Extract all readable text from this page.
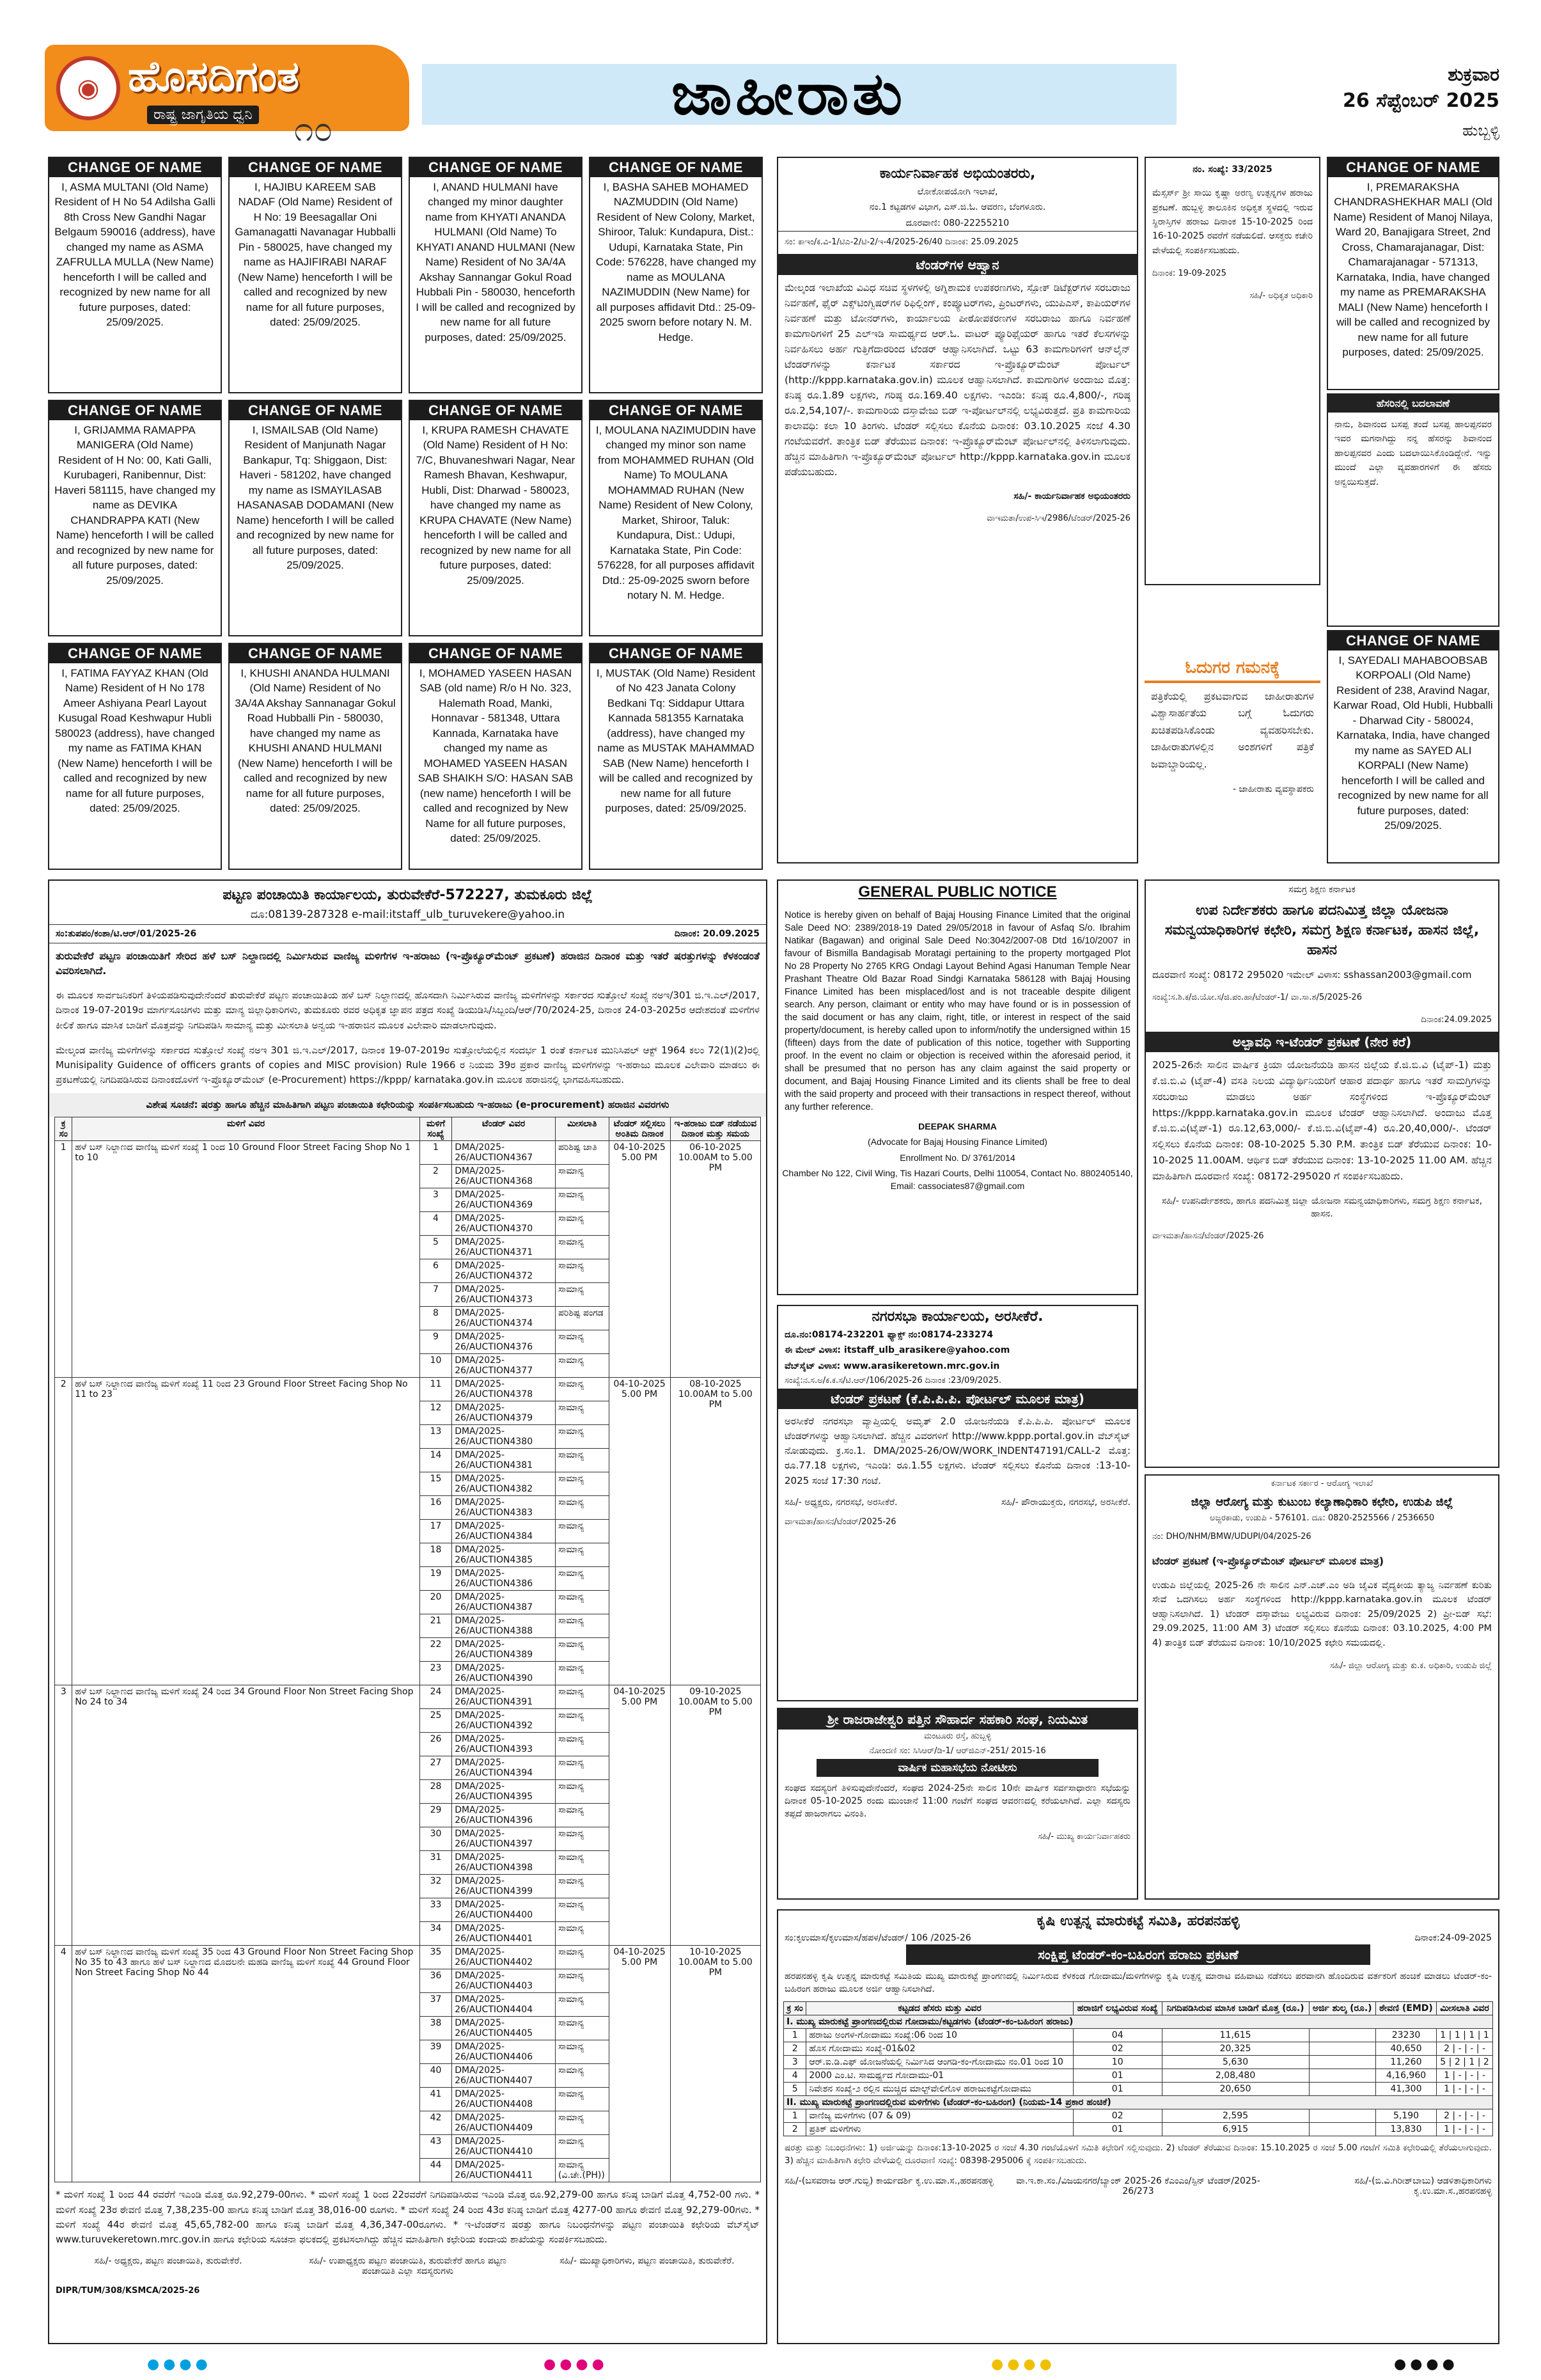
◉ ಹೊಸದಿಗಂತ
ರಾಷ್ಟ್ರ ಜಾಗೃತಿಯ ಧ್ವನಿ ೧೦
ಜಾಹೀರಾತು	ಶುಕ್ರವಾರ
26 ಸೆಪ್ಟೆಂಬರ್ 2025
ಹುಬ್ಬಳ್ಳಿ
CHANGE OF NAME
I, ASMA MULTANI (Old Name) Resident of H No 54 Adilsha Galli 8th Cross New Gandhi Nagar Belgaum 590016 (address), have changed my name as ASMA ZAFRULLA MULLA (New Name) henceforth I will be called and recognized by new name for all future purposes, dated: 25/09/2025.
CHANGE OF NAME
I, HAJIBU KAREEM SAB NADAF (Old Name) Resident of H No: 19 Beesagallar Oni Gamanagatti Navanagar Hubballi Pin - 580025, have changed my name as HAJIFIRABI NARAF (New Name) henceforth I will be called and recognized by new name for all future purposes, dated: 25/09/2025.
CHANGE OF NAME
I, ANAND HULMANI have changed my minor daughter name from KHYATI ANANDA HULMANI (Old Name) To KHYATI ANAND HULMANI (New Name) Resident of No 3A/4A Akshay Sannangar Gokul Road Hubbali Pin - 580030, henceforth I will be called and recognized by new name for all future purposes, dated: 25/09/2025.
CHANGE OF NAME
I, BASHA SAHEB MOHAMED NAZMUDDIN (Old Name) Resident of New Colony, Market, Shiroor, Taluk: Kundapura, Dist.: Udupi, Karnataka State, Pin Code: 576228, have changed my name as MOULANA NAZIMUDDIN (New Name) for all purposes affidavit Dtd.: 25-09-2025 sworn before notary N. M. Hedge.
CHANGE OF NAME
I, GRIJAMMA RAMAPPA MANIGERA (Old Name) Resident of H No: 00, Kati Galli, Kurubageri, Ranibennur, Dist: Haveri 581115, have changed my name as DEVIKA CHANDRAPPA KATI (New Name) henceforth I will be called and recognized by new name for all future purposes, dated: 25/09/2025.
CHANGE OF NAME
I, ISMAILSAB (Old Name) Resident of Manjunath Nagar Bankapur, Tq: Shiggaon, Dist: Haveri - 581202, have changed my name as ISMAYILASAB HASANASAB DODAMANI (New Name) henceforth I will be called and recognized by new name for all future purposes, dated: 25/09/2025.
CHANGE OF NAME
I, KRUPA RAMESH CHAVATE (Old Name) Resident of H No: 7/C, Bhuvaneshwari Nagar, Near Ramesh Bhavan, Keshwapur, Hubli, Dist: Dharwad - 580023, have changed my name as KRUPA CHAVATE (New Name) henceforth I will be called and recognized by new name for all future purposes, dated: 25/09/2025.
CHANGE OF NAME
I, MOULANA NAZIMUDDIN have changed my minor son name from MOHAMMED RUHAN (Old Name) To MOULANA MOHAMMAD RUHAN (New Name) Resident of New Colony, Market, Shiroor, Taluk: Kundapura, Dist.: Udupi, Karnataka State, Pin Code: 576228, for all purposes affidavit Dtd.: 25-09-2025 sworn before notary N. M. Hedge.
CHANGE OF NAME
I, FATIMA FAYYAZ KHAN (Old Name) Resident of H No 178 Ameer Ashiyana Pearl Layout Kusugal Road Keshwapur Hubli 580023 (address), have changed my name as FATIMA KHAN (New Name) henceforth I will be called and recognized by new name for all future purposes, dated: 25/09/2025.
CHANGE OF NAME
I, KHUSHI ANANDA HULMANI (Old Name) Resident of No 3A/4A Akshay Sannanagar Gokul Road Hubballi Pin - 580030, have changed my name as KHUSHI ANAND HULMANI (New Name) henceforth I will be called and recognized by new name for all future purposes, dated: 25/09/2025.
CHANGE OF NAME
I, MOHAMED YASEEN HASAN SAB (old name) R/o H No. 323, Halemath Road, Manki, Honnavar - 581348, Uttara Kannada, Karnataka have changed my name as MOHAMED YASEEN HASAN SAB SHAIKH S/O: HASAN SAB (new name) henceforth I will be called and recognized by New Name for all future purposes, dated: 25/09/2025.
CHANGE OF NAME
I, MUSTAK (Old Name) Resident of No 423 Janata Colony Bedkani Tq: Siddapur Uttara Kannada 581355 Karnataka (address), have changed my name as MUSTAK MAHAMMAD SAB (New Name) henceforth I will be called and recognized by new name for all future purposes, dated: 25/09/2025.
ಕಾರ್ಯನಿರ್ವಾಹಕ ಅಭಿಯಂತರರು,
ಲೋಕೋಪಯೋಗಿ ಇಲಾಖೆ,
ನಂ.1 ಕಟ್ಟಡಗಳ ವಿಭಾಗ, ಎಸ್.ಜಿ.ಓ. ಆವರಣ, ಬೆಂಗಳೂರು.
ದೂರವಾಣಿ: 080-22255210
ಸಂ: ಕಾಇಂ/ಕ.ವಿ-1/ಟಿಎ-2/ಟಿ-2/ಇ-4/2025-26/40 ದಿನಾಂಕ: 25.09.2025
ಟೆಂಡರ್‌ಗಳ ಆಹ್ವಾನ
ಮೇಲ್ಕಂಡ ಇಲಾಖೆಯ ವಿವಿಧ ಸಚಿವ ಸ್ಥಳಗಳಲ್ಲಿ ಅಗ್ನಿಶಾಮಕ ಉಪಕರಣಗಳು, ಸ್ಪೋಕ್ ಡಿಟೆಕ್ಟರ್‌ಗಳ ಸರಬರಾಜು ನಿರ್ವಹಣೆ, ಫೈರ್ ಎಕ್ಸ್‌ಟಿಂಗ್ವಿಷರ್‌ಗಳ ರಿಫಿಲ್ಲಿಂಗ್, ಕಂಪ್ಯೂಟರ್‌ಗಳು, ಪ್ರಿಂಟರ್‌ಗಳು, ಯುಪಿಎಸ್, ಕಾಪಿಯರ್‌ಗಳ ನಿರ್ವಹಣೆ ಮತ್ತು ಟೋನರ್‌ಗಳು, ಕಾರ್ಯಾಲಯ ಪೀಠೋಪಕರಣಗಳ ಸರಬರಾಜು ಹಾಗೂ ನಿರ್ವಹಣೆ ಕಾಮಗಾರಿಗಳಿಗೆ 25 ಎಲ್‌ಇಡಿ ಸಾಮರ್ಥ್ಯದ ಆರ್.ಓ. ವಾಟರ್ ಪ್ಯೂರಿಫೈಯರ್ ಹಾಗೂ ಇತರೆ ಕೆಲಸಗಳನ್ನು ನಿರ್ವಹಿಸಲು ಅರ್ಹ ಗುತ್ತಿಗೆದಾರರಿಂದ ಟೆಂಡರ್ ಆಹ್ವಾನಿಸಲಾಗಿದೆ. ಒಟ್ಟು 63 ಕಾಮಗಾರಿಗಳಿಗೆ ಆನ್‌ಲೈನ್ ಟೆಂಡರ್‌ಗಳನ್ನು ಕರ್ನಾಟಕ ಸರ್ಕಾರದ ಇ-ಪ್ರೊಕ್ಯೂರ್‌ಮೆಂಟ್ ಪೋರ್ಟಲ್ (http://kppp.karnataka.gov.in) ಮೂಲಕ ಆಹ್ವಾನಿಸಲಾಗಿದೆ. ಕಾಮಗಾರಿಗಳ ಅಂದಾಜು ಮೊತ್ತ: ಕನಿಷ್ಠ ರೂ.1.89 ಲಕ್ಷಗಳು, ಗರಿಷ್ಠ ರೂ.169.40 ಲಕ್ಷಗಳು. ಇಎಂಡಿ: ಕನಿಷ್ಠ ರೂ.4,800/-, ಗರಿಷ್ಠ ರೂ.2,54,107/-. ಕಾಮಗಾರಿಯ ದಸ್ತಾವೇಜು ಬಿಡ್ ಇ-ಪೋರ್ಟಲ್‌ನಲ್ಲಿ ಲಭ್ಯವಿರುತ್ತದೆ. ಪ್ರತಿ ಕಾಮಗಾರಿಯ ಕಾಲಾವಧಿ: ಕಲಾ 10 ತಿಂಗಳು. ಟೆಂಡರ್ ಸಲ್ಲಿಸಲು ಕೊನೆಯ ದಿನಾಂಕ: 03.10.2025 ಸಂಜೆ 4.30 ಗಂಟೆಯವರೆಗೆ. ತಾಂತ್ರಿಕ ಬಿಡ್ ತೆರೆಯುವ ದಿನಾಂಕ: ಇ-ಪ್ರೊಕ್ಯೂರ್‌ಮೆಂಟ್ ಪೋರ್ಟಲ್‌ನಲ್ಲಿ ತಿಳಿಸಲಾಗುವುದು. ಹೆಚ್ಚಿನ ಮಾಹಿತಿಗಾಗಿ ಇ-ಪ್ರೊಕ್ಯೂರ್‌ಮೆಂಟ್ ಪೋರ್ಟಲ್ http://kppp.karnataka.gov.in ಮೂಲಕ ಪಡೆಯಬಹುದು.
ಸಹಿ/- ಕಾರ್ಯನಿರ್ವಾಹಕ ಅಭಿಯಂತರರು
ವಾಇಮತಾ/ಉಪ-ಸಿಇ/2986/ಟೆಂಡರ್/2025-26
ನಂ. ಸಂಖ್ಯೆ: 33/2025
ಮೆಸ್ಸರ್ಸ್ ಶ್ರೀ ಸಾಯಿ ಕೃಷ್ಣಾ ಅರಣ್ಯ ಉತ್ಪನ್ನಗಳ ಹರಾಜು ಪ್ರಕಟಣೆ. ಹುಬ್ಬಳ್ಳಿ ತಾಲೂಕಿನ ಅಧಿಕೃತ ಸ್ಥಳದಲ್ಲಿ ಇರುವ ಸ್ಥಿರಾಸ್ತಿಗಳ ಹರಾಜು ದಿನಾಂಕ 15-10-2025 ರಿಂದ 16-10-2025 ರವರೆಗೆ ನಡೆಯಲಿದೆ. ಆಸಕ್ತರು ಕಚೇರಿ ವೇಳೆಯಲ್ಲಿ ಸಂಪರ್ಕಿಸಬಹುದು.
ದಿನಾಂಕ: 19-09-2025
ಸಹಿ/- ಅಧಿಕೃತ ಅಧಿಕಾರಿ
CHANGE OF NAME
I, PREMARAKSHA CHANDRASHEKHAR MALI (Old Name) Resident of Manoj Nilaya, Ward 20, Banajigara Street, 2nd Cross, Chamarajanagar, Dist: Chamarajanagar - 571313, Karnataka, India, have changed my name as PREMARAKSHA MALI (New Name) henceforth I will be called and recognized by new name for all future purposes, dated: 25/09/2025.
ಹೆಸರಿನಲ್ಲಿ ಬದಲಾವಣೆ
ನಾನು, ಶಿವಾನಂದ ಬಸಪ್ಪ ತಂದೆ ಬಸಪ್ಪ ಹಾಲಪ್ಪನವರ ಇವರ ಮಗನಾಗಿದ್ದು ನನ್ನ ಹೆಸರನ್ನು ಶಿವಾನಂದ ಹಾಲಪ್ಪನವರ ಎಂದು ಬದಲಾಯಿಸಿಕೊಂಡಿದ್ದೇನೆ. ಇನ್ನು ಮುಂದೆ ಎಲ್ಲಾ ವ್ಯವಹಾರಗಳಿಗೆ ಈ ಹೆಸರು ಅನ್ವಯಿಸುತ್ತದೆ.
ಓದುಗರ ಗಮನಕ್ಕೆ
ಪತ್ರಿಕೆಯಲ್ಲಿ ಪ್ರಕಟವಾಗುವ ಜಾಹೀರಾತುಗಳ ವಿಶ್ವಾಸಾರ್ಹತೆಯ ಬಗ್ಗೆ ಓದುಗರು ಖಚಿತಪಡಿಸಿಕೊಂಡು ವ್ಯವಹರಿಸಬೇಕು. ಜಾಹೀರಾತುಗಳಲ್ಲಿನ ಅಂಶಗಳಿಗೆ ಪತ್ರಿಕೆ ಜವಾಬ್ದಾರಿಯಲ್ಲ.
- ಜಾಹೀರಾತು ವ್ಯವಸ್ಥಾಪಕರು
CHANGE OF NAME
I, SAYEDALI MAHABOOBSAB KORPOALI (Old Name) Resident of 238, Aravind Nagar, Karwar Road, Old Hubli, Hubballi - Dharwad City - 580024, Karnataka, India, have changed my name as SAYED ALI KORPALI (New Name) henceforth I will be called and recognized by new name for all future purposes, dated: 25/09/2025.
ಪಟ್ಟಣ ಪಂಚಾಯಿತಿ ಕಾರ್ಯಾಲಯ, ತುರುವೇಕೆರೆ-572227, ತುಮಕೂರು ಜಿಲ್ಲೆ
ದೂ:08139-287328 e-mail:itstaff_ulb_turuvekere@yahoo.in
ಸಂ:ತುಪಪಂ/ಕಂಶಾ/ಟಿ.ಆರ್/01/2025-26	ದಿನಾಂಕ: 20.09.2025
ತುರುವೇಕೆರೆ ಪಟ್ಟಣ ಪಂಚಾಯಿತಿಗೆ ಸೇರಿದ ಹಳೆ ಬಸ್ ನಿಲ್ದಾಣದಲ್ಲಿ ನಿರ್ಮಿಸಿರುವ ವಾಣಿಜ್ಯ ಮಳಿಗೆಗಳ ಇ-ಹರಾಜು (ಇ-ಪ್ರೊಕ್ಯೂರ್‌ಮೆಂಟ್ ಪ್ರಕಟಣೆ) ಹರಾಜಿನ ದಿನಾಂಕ ಮತ್ತು ಇತರೆ ಷರತ್ತುಗಳನ್ನು ಕೆಳಕಂಡಂತೆ ವಿವರಿಸಲಾಗಿದೆ.
ಈ ಮೂಲಕ ಸಾರ್ವಜನಿಕರಿಗೆ ತಿಳಿಯಪಡಿಸುವುದೇನೆಂದರೆ ತುರುವೇಕೆರೆ ಪಟ್ಟಣ ಪಂಚಾಯಿತಿಯ ಹಳೆ ಬಸ್ ನಿಲ್ದಾಣದಲ್ಲಿ ಹೊಸದಾಗಿ ನಿರ್ಮಿಸಿರುವ ವಾಣಿಜ್ಯ ಮಳಿಗೆಗಳನ್ನು ಸರ್ಕಾರದ ಸುತ್ತೋಲೆ ಸಂಖ್ಯೆ ನಅಇ/301 ಜಿ.ಇ.ಎಲ್/2017, ದಿನಾಂಕ 19-07-2019ರ ಮಾರ್ಗಸೂಚಿಗಳು ಮತ್ತು ಮಾನ್ಯ ಜಿಲ್ಲಾಧಿಕಾರಿಗಳು, ತುಮಕೂರು ರವರ ಅಧಿಕೃತ ಜ್ಞಾಪನ ಪತ್ರದ ಸಂಖ್ಯೆ ಡಿಯುಡಿಸಿ/ಸಿಬ್ಬಂದಿ/ಆರ್/70/2024-25, ದಿನಾಂಕ 24-03-2025ರ ಆದೇಶದಂತೆ ಮಳಿಗೆಗಳ ಕೀಲಿಕೆ ಹಾಗೂ ಮಾಸಿಕ ಬಾಡಿಗೆ ಮೊತ್ತವನ್ನು ನಿಗದಿಪಡಿಸಿ ಸಾಮಾನ್ಯ ಮತ್ತು ಮೀಸಲಾತಿ ಅನ್ವಯ ಇ-ಹರಾಜಿನ ಮೂಲಕ ವಿಲೇವಾರಿ ಮಾಡಲಾಗುವುದು.
ಮೇಲ್ಕಂಡ ವಾಣಿಜ್ಯ ಮಳಿಗೆಗಳನ್ನು ಸರ್ಕಾರದ ಸುತ್ತೋಲೆ ಸಂಖ್ಯೆ ನಅಇ 301 ಜಿ.ಇ.ಎಲ್/2017, ದಿನಾಂಕ 19-07-2019ರ ಸುತ್ತೋಲೆಯಲ್ಲಿನ ಸಂದರ್ಭ 1 ರಂತೆ ಕರ್ನಾಟಕ ಮುನಿಸಿಪಲ್ ಆಕ್ಟ್ 1964 ಕಲಂ 72(1)(2)ರಲ್ಲಿ Munisipality Guidence of officers grants of copies and MISC provision) Rule 1966 ರ ನಿಯಮ 39ರ ಪ್ರಕಾರ ವಾಣಿಜ್ಯ ಮಳಿಗೆಗಳನ್ನು ಇ-ಹರಾಜು ಮೂಲಕ ವಿಲೇವಾರಿ ಮಾಡಲು ಈ ಪ್ರಕಟಣೆಯಲ್ಲಿ ನಿಗದಿಪಡಿಸಿರುವ ದಿನಾಂಕದೊಳಗೆ ಇ-ಪ್ರೊಕ್ಯೂರ್‌ಮೆಂಟ್ (e-Procurement) https://kppp/ karnataka.gov.in ಮೂಲಕ ಹರಾಜಿನಲ್ಲಿ ಭಾಗವಹಿಸಬಹುದು.
ವಿಶೇಷ ಸೂಚನೆ: ಷರತ್ತು ಹಾಗೂ ಹೆಚ್ಚಿನ ಮಾಹಿತಿಗಾಗಿ ಪಟ್ಟಣ ಪಂಚಾಯಿತಿ ಕಛೇರಿಯನ್ನು ಸಂಪರ್ಕಿಸಬಹುದು ಇ-ಹರಾಜು (e-procurement) ಹರಾಜಿನ ವಿವರಗಳು
ಕ್ರ ಸಂ	ಮಳಿಗೆ ವಿವರ	ಮಳಿಗೆ ಸಂಖ್ಯೆ	ಟೆಂಡರ್ ವಿವರ	ಮೀಸಲಾತಿ	ಟೆಂಡರ್ ಸಲ್ಲಿಸಲು ಅಂತಿಮ ದಿನಾಂಕ	ಇ-ಹರಾಜು ಬಿಡ್ ನಡೆಯುವ ದಿನಾಂಕ ಮತ್ತು ಸಮಯ
1	ಹಳೆ ಬಸ್ ನಿಲ್ದಾಣದ ವಾಣಿಜ್ಯ ಮಳಿಗೆ ಸಂಖ್ಯೆ 1 ರಿಂದ 10 Ground Floor Street Facing Shop No 1 to 10	1	DMA/2025-26/AUCTION4367	ಪರಿಶಿಷ್ಟ ಜಾತಿ	04-10-2025 5.00 PM	06-10-2025 10.00AM to 5.00 PM
		2	DMA/2025-26/AUCTION4368	ಸಾಮಾನ್ಯ		
		3	DMA/2025-26/AUCTION4369	ಸಾಮಾನ್ಯ		
		4	DMA/2025-26/AUCTION4370	ಸಾಮಾನ್ಯ		
		5	DMA/2025-26/AUCTION4371	ಸಾಮಾನ್ಯ		
		6	DMA/2025-26/AUCTION4372	ಸಾಮಾನ್ಯ		
		7	DMA/2025-26/AUCTION4373	ಸಾಮಾನ್ಯ		
		8	DMA/2025-26/AUCTION4374	ಪರಿಶಿಷ್ಟ ಪಂಗಡ		
		9	DMA/2025-26/AUCTION4376	ಸಾಮಾನ್ಯ		
		10	DMA/2025-26/AUCTION4377	ಸಾಮಾನ್ಯ		
2	ಹಳೆ ಬಸ್ ನಿಲ್ದಾಣದ ವಾಣಿಜ್ಯ ಮಳಿಗೆ ಸಂಖ್ಯೆ 11 ರಿಂದ 23 Ground Floor Street Facing Shop No 11 to 23	11	DMA/2025-26/AUCTION4378	ಸಾಮಾನ್ಯ	04-10-2025 5.00 PM	08-10-2025 10.00AM to 5.00 PM
		12	DMA/2025-26/AUCTION4379	ಸಾಮಾನ್ಯ		
		13	DMA/2025-26/AUCTION4380	ಸಾಮಾನ್ಯ		
		14	DMA/2025-26/AUCTION4381	ಸಾಮಾನ್ಯ		
		15	DMA/2025-26/AUCTION4382	ಸಾಮಾನ್ಯ		
		16	DMA/2025-26/AUCTION4383	ಸಾಮಾನ್ಯ		
		17	DMA/2025-26/AUCTION4384	ಸಾಮಾನ್ಯ		
		18	DMA/2025-26/AUCTION4385	ಸಾಮಾನ್ಯ		
		19	DMA/2025-26/AUCTION4386	ಸಾಮಾನ್ಯ		
		20	DMA/2025-26/AUCTION4387	ಸಾಮಾನ್ಯ		
		21	DMA/2025-26/AUCTION4388	ಸಾಮಾನ್ಯ		
		22	DMA/2025-26/AUCTION4389	ಸಾಮಾನ್ಯ		
		23	DMA/2025-26/AUCTION4390	ಸಾಮಾನ್ಯ		
3	ಹಳೆ ಬಸ್ ನಿಲ್ದಾಣದ ವಾಣಿಜ್ಯ ಮಳಿಗೆ ಸಂಖ್ಯೆ 24 ರಿಂದ 34 Ground Floor Non Street Facing Shop No 24 to 34	24	DMA/2025-26/AUCTION4391	ಸಾಮಾನ್ಯ	04-10-2025 5.00 PM	09-10-2025 10.00AM to 5.00 PM
		25	DMA/2025-26/AUCTION4392	ಸಾಮಾನ್ಯ		
		26	DMA/2025-26/AUCTION4393	ಸಾಮಾನ್ಯ		
		27	DMA/2025-26/AUCTION4394	ಸಾಮಾನ್ಯ		
		28	DMA/2025-26/AUCTION4395	ಸಾಮಾನ್ಯ		
		29	DMA/2025-26/AUCTION4396	ಸಾಮಾನ್ಯ		
		30	DMA/2025-26/AUCTION4397	ಸಾಮಾನ್ಯ		
		31	DMA/2025-26/AUCTION4398	ಸಾಮಾನ್ಯ		
		32	DMA/2025-26/AUCTION4399	ಸಾಮಾನ್ಯ		
		33	DMA/2025-26/AUCTION4400	ಸಾಮಾನ್ಯ		
		34	DMA/2025-26/AUCTION4401	ಸಾಮಾನ್ಯ		
4	ಹಳೆ ಬಸ್ ನಿಲ್ದಾಣದ ವಾಣಿಜ್ಯ ಮಳಿಗೆ ಸಂಖ್ಯೆ 35 ರಿಂದ 43 Ground Floor Non Street Facing Shop No 35 to 43 ಹಾಗೂ ಹಳೆ ಬಸ್ ನಿಲ್ದಾಣದ ಮೊದಲನೇ ಮಹಡಿ ವಾಣಿಜ್ಯ ಮಳಿಗೆ ಸಂಖ್ಯೆ 44 Ground Floor Non Street Facing Shop No 44	35	DMA/2025-26/AUCTION4402	ಸಾಮಾನ್ಯ	04-10-2025 5.00 PM	10-10-2025 10.00AM to 5.00 PM
		36	DMA/2025-26/AUCTION4403	ಸಾಮಾನ್ಯ		
		37	DMA/2025-26/AUCTION4404	ಸಾಮಾನ್ಯ		
		38	DMA/2025-26/AUCTION4405	ಸಾಮಾನ್ಯ		
		39	DMA/2025-26/AUCTION4406	ಸಾಮಾನ್ಯ		
		40	DMA/2025-26/AUCTION4407	ಸಾಮಾನ್ಯ		
		41	DMA/2025-26/AUCTION4408	ಸಾಮಾನ್ಯ		
		42	DMA/2025-26/AUCTION4409	ಸಾಮಾನ್ಯ		
		43	DMA/2025-26/AUCTION4410	ಸಾಮಾನ್ಯ		
		44	DMA/2025-26/AUCTION4411	ಸಾಮಾನ್ಯ (ವಿ.ಚೇ.(PH))		
* ಮಳಿಗೆ ಸಂಖ್ಯೆ 1 ರಿಂದ 44 ರವರೆಗೆ ಇಎಂಡಿ ಮೊತ್ತ ರೂ.92,279-00ಗಳು. * ಮಳಿಗೆ ಸಂಖ್ಯೆ 1 ರಿಂದ 22ರವರೆಗೆ ನಿಗದಿಪಡಿಸಿರುವ ಇಎಂಡಿ ಮೊತ್ತ ರೂ.92,279-00 ಹಾಗೂ ಕನಿಷ್ಠ ಬಾಡಿಗೆ ಮೊತ್ತ 4,752-00 ಗಳು. * ಮಳಿಗೆ ಸಂಖ್ಯೆ 23ರ ಠೇವಣಿ ಮೊತ್ತ 7,38,235-00 ಹಾಗೂ ಕನಿಷ್ಠ ಬಾಡಿಗೆ ಮೊತ್ತ 38,016-00 ರೂಗಳು. * ಮಳಿಗೆ ಸಂಖ್ಯೆ 24 ರಿಂದ 43ರ ಕನಿಷ್ಠ ಬಾಡಿಗೆ ಮೊತ್ತ 4277-00 ಹಾಗೂ ಠೇವಣಿ ಮೊತ್ತ 92,279-00ಗಳು. * ಮಳಿಗೆ ಸಂಖ್ಯೆ 44ರ ಠೇವಣಿ ಮೊತ್ತ 45,65,782-00 ಹಾಗೂ ಕನಿಷ್ಠ ಬಾಡಿಗೆ ಮೊತ್ತ 4,36,347-00ರೂಗಳು. * ಇ-ಟೆಂಡರ್‌ನ ಷರತ್ತು ಹಾಗೂ ನಿಬಂಧನೆಗಳನ್ನು ಪಟ್ಟಣ ಪಂಚಾಯಿತಿ ಕಛೇರಿಯ ವೆಬ್‌ಸೈಟ್ www.turuvekeretown.mrc.gov.in ಹಾಗೂ ಕಛೇರಿಯ ಸೂಚನಾ ಫಲಕದಲ್ಲಿ ಪ್ರಕಟಿಸಲಾಗಿದ್ದು ಹೆಚ್ಚಿನ ಮಾಹಿತಿಗಾಗಿ ಕಛೇರಿಯ ಕಂದಾಯ ಶಾಖೆಯನ್ನು ಸಂಪರ್ಕಿಸಬಹುದು.
ಸಹಿ/- ಅಧ್ಯಕ್ಷರು, ಪಟ್ಟಣ ಪಂಚಾಯಿತಿ, ತುರುವೇಕೆರೆ.	ಸಹಿ/- ಉಪಾಧ್ಯಕ್ಷರು ಪಟ್ಟಣ ಪಂಚಾಯಿತಿ, ತುರುವೇಕೆರೆ ಹಾಗೂ ಪಟ್ಟಣ ಪಂಚಾಯಿತಿ ಎಲ್ಲಾ ಸದಸ್ಯರುಗಳು
ಸಹಿ/- ಮುಖ್ಯಾಧಿಕಾರಿಗಳು, ಪಟ್ಟಣ ಪಂಚಾಯಿತಿ, ತುರುವೇಕೆರೆ.
DIPR/TUM/308/KSMCA/2025-26
GENERAL PUBLIC NOTICE
Notice is hereby given on behalf of Bajaj Housing Finance Limited that the original Sale Deed NO: 2389/2018-19 Dated 29/05/2018 in favour of Asfaq S/o. Ibrahim Natikar (Bagawan) and original Sale Deed No:3042/2007-08 Dtd 16/10/2007 in favour of Bismilla Bandagisab Moratagi pertaining to the property mortgaged Plot No 28 Property No 2765 KRG Ondagi Layout Behind Agasi Hanuman Temple Near Prashant Theatre Old Bazar Road Sindgi Karnataka 586128 with Bajaj Housing Finance Limited has been misplaced/lost and is not traceable despite diligent search. Any person, claimant or entity who may have found or is in possession of the said document or has any claim, right, title, or interest in respect of the said property/document, is hereby called upon to inform/notify the undersigned within 15 (fifteen) days from the date of publication of this notice, together with Supporting proof. In the event no claim or objection is received within the aforesaid period, it shall be presumed that no person has any claim against the said property or document, and Bajaj Housing Finance Limited and its clients shall be free to deal with the said property and proceed with their transactions in respect thereof, without any further reference.
DEEPAK SHARMA
(Advocate for Bajaj Housing Finance Limited)
Enrollment No. D/ 3761/2014
Chamber No 122, Civil Wing, Tis Hazari Courts, Delhi 110054, Contact No. 8802405140, Email: cassociates87@gmail.com
ನಗರಸಭಾ ಕಾರ್ಯಾಲಯ, ಅರಸೀಕೆರೆ.
ದೂ.ನಂ:08174-232201 ಫ್ಯಾಕ್ಸ್ ನಂ:08174-233274
ಈ ಮೇಲ್ ವಿಳಾಸ: itstaff_ulb_arasikere@yahoo.com
ವೆಬ್‌ಸೈಟ್ ವಿಳಾಸ: www.arasikeretown.mrc.gov.in
ಸಂಖ್ಯೆ:ನ.ಸ.ಅ/ಕ.ಕ.ಸ/ಟಿ.ಆರ್/106/2025-26 ದಿನಾಂಕ :23/09/2025.
ಟೆಂಡರ್ ಪ್ರಕಟಣೆ (ಕೆ.ಪಿ.ಪಿ.ಪಿ. ಪೋರ್ಟಲ್ ಮೂಲಕ ಮಾತ್ರ)
ಅರಸೀಕೆರೆ ನಗರಸಭಾ ವ್ಯಾಪ್ತಿಯಲ್ಲಿ ಅಮೃತ್ 2.0 ಯೋಜನೆಯಡಿ ಕೆ.ಪಿ.ಪಿ.ಪಿ. ಪೋರ್ಟಲ್ ಮೂಲಕ ಟೆಂಡರ್‌ಗಳನ್ನು ಆಹ್ವಾನಿಸಲಾಗಿದೆ. ಹೆಚ್ಚಿನ ವಿವರಗಳಿಗೆ http://www.kppp.portal.gov.in ವೆಬ್‌ಸೈಟ್ ನೋಡುವುದು. ಕ್ರ.ಸಂ.1. DMA/2025-26/OW/WORK_INDENT47191/CALL-2 ಮೊತ್ತ: ರೂ.77.18 ಲಕ್ಷಗಳು, ಇಎಂಡಿ: ರೂ.1.55 ಲಕ್ಷಗಳು. ಟೆಂಡರ್ ಸಲ್ಲಿಸಲು ಕೊನೆಯ ದಿನಾಂಕ :13-10-2025 ಸಂಜೆ 17:30 ಗಂಟೆ.
ಸಹಿ/- ಅಧ್ಯಕ್ಷರು, ನಗರಸಭೆ, ಅರಸೀಕೆರೆ.	ಸಹಿ/- ಪೌರಾಯುಕ್ತರು, ನಗರಸಭೆ, ಅರಸೀಕೆರೆ.
ವಾಇಮತಾ/ಹಾಸನ/ಟೆಂಡರ್/2025-26
ಶ್ರೀ ರಾಜರಾಜೇಶ್ವರಿ ಪತ್ತಿನ ಸೌಹಾರ್ದ ಸಹಕಾರಿ ಸಂಘ, ನಿಯಮಿತ
ಮಂಟೂರು ರಸ್ತೆ, ಹುಬ್ಬಳ್ಳಿ
ನೋಂದಣಿ ಸಂ: ಸಿಸಿಆರ್/ಡಿ-1/ ಆರ್‌ಜಿಎನ್-251/ 2015-16
ವಾರ್ಷಿಕ ಮಹಾಸಭೆಯ ನೋಟೀಸು
ಸಂಘದ ಸದಸ್ಯರಿಗೆ ತಿಳಿಸುವುದೇನೆಂದರೆ, ಸಂಘದ 2024-25ನೇ ಸಾಲಿನ 10ನೇ ವಾರ್ಷಿಕ ಸರ್ವಸಾಧಾರಣ ಸಭೆಯನ್ನು ದಿನಾಂಕ 05-10-2025 ರಂದು ಮುಂಜಾನೆ 11:00 ಗಂಟೆಗೆ ಸಂಘದ ಆವರಣದಲ್ಲಿ ಕರೆಯಲಾಗಿದೆ. ಎಲ್ಲಾ ಸದಸ್ಯರು ತಪ್ಪದೆ ಹಾಜರಾಗಲು ವಿನಂತಿ.
ಸಹಿ/- ಮುಖ್ಯ ಕಾರ್ಯನಿರ್ವಾಹಕರು
ಸಮಗ್ರ ಶಿಕ್ಷಣ ಕರ್ನಾಟಕ
ಉಪ ನಿರ್ದೇಶಕರು ಹಾಗೂ ಪದನಿಮಿತ್ತ ಜಿಲ್ಲಾ ಯೋಜನಾ ಸಮನ್ವಯಾಧಿಕಾರಿಗಳ ಕಛೇರಿ, ಸಮಗ್ರ ಶಿಕ್ಷಣ ಕರ್ನಾಟಕ, ಹಾಸನ ಜಿಲ್ಲೆ, ಹಾಸನ
ದೂರವಾಣಿ ಸಂಖ್ಯೆ: 08172 295020 ಇಮೇಲ್ ವಿಳಾಸ: sshassan2003@gmail.com
ಸಂಖ್ಯೆ:ಸ.ಶಿ.ಕ/ಜಿ.ಯೋ.ಸ/ಜಿ.ಪಂ.ಹಾ/ಟೆಂಡರ್-1/ ವಾ.ಸಾ.ಶ/5/2025-26
ದಿನಾಂಕ:24.09.2025
ಅಲ್ಪಾವಧಿ ಇ-ಟೆಂಡರ್ ಪ್ರಕಟಣೆ (ನೇರ ಕರೆ)
2025-26ನೇ ಸಾಲಿನ ವಾರ್ಷಿಕ ಕ್ರಿಯಾ ಯೋಜನೆಯಡಿ ಹಾಸನ ಜಿಲ್ಲೆಯ ಕೆ.ಜಿ.ಬಿ.ವಿ (ಟೈಪ್-1) ಮತ್ತು ಕೆ.ಜಿ.ಬಿ.ವಿ (ಟೈಪ್-4) ವಸತಿ ನಿಲಯ ವಿದ್ಯಾರ್ಥಿನಿಯರಿಗೆ ಆಹಾರ ಪದಾರ್ಥ ಹಾಗೂ ಇತರೆ ಸಾಮಗ್ರಿಗಳನ್ನು ಸರಬರಾಜು ಮಾಡಲು ಅರ್ಹ ಸಂಸ್ಥೆಗಳಿಂದ ಇ-ಪ್ರೊಕ್ಯೂರ್‌ಮೆಂಟ್ https://kppp.karnataka.gov.in ಮೂಲಕ ಟೆಂಡರ್ ಆಹ್ವಾನಿಸಲಾಗಿದೆ. ಅಂದಾಜು ಮೊತ್ತ ಕೆ.ಜಿ.ಬಿ.ವಿ(ಟೈಪ್-1) ರೂ.12,63,000/- ಕೆ.ಜಿ.ಬಿ.ವಿ(ಟೈಪ್-4) ರೂ.20,40,000/-. ಟೆಂಡರ್ ಸಲ್ಲಿಸಲು ಕೊನೆಯ ದಿನಾಂಕ: 08-10-2025 5.30 P.M. ತಾಂತ್ರಿಕ ಬಿಡ್ ತೆರೆಯುವ ದಿನಾಂಕ: 10-10-2025 11.00AM. ಆರ್ಥಿಕ ಬಿಡ್ ತೆರೆಯುವ ದಿನಾಂಕ: 13-10-2025 11.00 AM. ಹೆಚ್ಚಿನ ಮಾಹಿತಿಗಾಗಿ ದೂರವಾಣಿ ಸಂಖ್ಯೆ: 08172-295020 ಗೆ ಸಂಪರ್ಕಿಸಬಹುದು.
ಸಹಿ/- ಉಪನಿರ್ದೇಶಕರು, ಹಾಗೂ ಪದನಿಮಿತ್ತ ಜಿಲ್ಲಾ ಯೋಜನಾ ಸಮನ್ವಯಾಧಿಕಾರಿಗಳು, ಸಮಗ್ರ ಶಿಕ್ಷಣ ಕರ್ನಾಟಕ, ಹಾಸನ.
ವಾಇಮತಾ/ಹಾಸನ/ಟೆಂಡರ್/2025-26
ಕರ್ನಾಟಕ ಸರ್ಕಾರ - ಆರೋಗ್ಯ ಇಲಾಖೆ
ಜಿಲ್ಲಾ ಆರೋಗ್ಯ ಮತ್ತು ಕುಟುಂಬ ಕಲ್ಯಾಣಾಧಿಕಾರಿ ಕಛೇರಿ, ಉಡುಪಿ ಜಿಲ್ಲೆ
ಅಜ್ಜರಕಾಡು, ಉಡುಪಿ - 576101. ದೂ: 0820-2525566 / 2536650
ನಂ: DHO/NHM/BMW/UDUPI/04/2025-26
ಟೆಂಡರ್ ಪ್ರಕಟಣೆ (ಇ-ಪ್ರೊಕ್ಯೂರ್‌ಮೆಂಟ್ ಪೋರ್ಟಲ್ ಮೂಲಕ ಮಾತ್ರ)
ಉಡುಪಿ ಜಿಲ್ಲೆಯಲ್ಲಿ 2025-26 ನೇ ಸಾಲಿನ ಎನ್.ಎಚ್.ಎಂ ಅಡಿ ಜೈವಿಕ ವೈದ್ಯಕೀಯ ತ್ಯಾಜ್ಯ ನಿರ್ವಹಣೆ ಕುರಿತು ಸೇವೆ ಒದಗಿಸಲು ಅರ್ಹ ಸಂಸ್ಥೆಗಳಿಂದ http://kppp.karnataka.gov.in ಮೂಲಕ ಟೆಂಡರ್ ಆಹ್ವಾನಿಸಲಾಗಿದೆ. 1) ಟೆಂಡರ್ ದಸ್ತಾವೇಜು ಲಭ್ಯವಿರುವ ದಿನಾಂಕ: 25/09/2025 2) ಪ್ರೀ-ಬಿಡ್ ಸಭೆ: 29.09.2025, 11:00 AM 3) ಟೆಂಡರ್ ಸಲ್ಲಿಸಲು ಕೊನೆಯ ದಿನಾಂಕ: 03.10.2025, 4:00 PM 4) ತಾಂತ್ರಿಕ ಬಿಡ್ ತೆರೆಯುವ ದಿನಾಂಕ: 10/10/2025 ಕಛೇರಿ ಸಮಯದಲ್ಲಿ.
ಸಹಿ/- ಜಿಲ್ಲಾ ಆರೋಗ್ಯ ಮತ್ತು ಕು.ಕ. ಅಧಿಕಾರಿ, ಉಡುಪಿ ಜಿಲ್ಲೆ
ಕೃಷಿ ಉತ್ಪನ್ನ ಮಾರುಕಟ್ಟೆ ಸಮಿತಿ, ಹರಪನಹಳ್ಳಿ
ಸಂ:ಕೃಉಮಾಸ/ಕೃಉಮಾಸ/ಹಪಳ/ಟೆಂಡರ್/ 106 /2025-26	ದಿನಾಂಕ:24-09-2025
ಸಂಕ್ಷಿಪ್ತ ಟೆಂಡರ್-ಕಂ-ಬಹಿರಂಗ ಹರಾಜು ಪ್ರಕಟಣೆ
ಹರಪನಹಳ್ಳಿ ಕೃಷಿ ಉತ್ಪನ್ನ ಮಾರುಕಟ್ಟೆ ಸಮಿತಿಯ ಮುಖ್ಯ ಮಾರುಕಟ್ಟೆ ಪ್ರಾಂಗಣದಲ್ಲಿ ನಿರ್ಮಿಸಿರುವ ಕೆಳಕಂಡ ಗೋದಾಮು/ಮಳಿಗೆಗಳನ್ನು ಕೃಷಿ ಉತ್ಪನ್ನ ಮಾರಾಟ ವಹಿವಾಟು ನಡೆಸಲು ಪರವಾನಗಿ ಹೊಂದಿರುವ ವರ್ತಕರಿಗೆ ಹಂಚಿಕೆ ಮಾಡಲು ಟೆಂಡರ್-ಕಂ-ಬಹಿರಂಗ ಹರಾಜು ಮೂಲಕ ಅರ್ಜಿ ಆಹ್ವಾನಿಸಲಾಗಿದೆ.
ಕ್ರ ಸಂ	ಕಟ್ಟಡದ ಹೆಸರು ಮತ್ತು ವಿವರ	ಹರಾಜಿಗೆ ಲಭ್ಯವಿರುವ ಸಂಖ್ಯೆ	ನಿಗದಿಪಡಿಸಿರುವ ಮಾಸಿಕ ಬಾಡಿಗೆ ಮೊತ್ತ (ರೂ.)	ಅರ್ಜಿ ಶುಲ್ಕ (ರೂ.)	ಠೇವಣಿ (EMD)	ಮೀಸಲಾತಿ ವಿವರ
I. ಮುಖ್ಯ ಮಾರುಕಟ್ಟೆ ಪ್ರಾಂಗಣದಲ್ಲಿರುವ ಗೋದಾಮು/ಕಟ್ಟಡಗಳು (ಟೆಂಡರ್-ಕಂ-ಬಹಿರಂಗ ಹರಾಜು)						
1	ಹರಾಜು ಅಂಗಳ-ಗೋದಾಮು ಸಂಖ್ಯೆ:06 ರಿಂದ 10	04	11,615		23230	1 | 1 | 1 | 1
2	ಹೊಸ ಗೋದಾಮು ಸಂಖ್ಯೆ-01&02	02	20,325		40,650	2 | - | - | -
3	ಆರ್.ಐ.ಡಿ.ಎಫ್ ಯೋಜನೆಯಲ್ಲಿ ನಿರ್ಮಿಸಿದ ಆಂಗಡಿ-ಕಂ-ಗೋದಾಮು ನಂ.01 ರಿಂದ 10	10	5,630		11,260	5 | 2 | 1 | 2
4	2000 ಎಂ.ಟಿ. ಸಾಮರ್ಥ್ಯದ ಗೋದಾಮು-01	01	2,08,480		4,16,960	1 | - | - | -
5	ನಿವೇಶನ ಸಂಖ್ಯೆ-೨ ರಲ್ಲಿನ ಮುಚ್ಚಿದ ಮಾಲ್ಟ್‌ವೇಲಿಗೊಳ ಹರಾಜುಕಟ್ಟೆಗೋದಾಮು	01	20,650		41,300	1 | - | - | -
II. ಮುಖ್ಯ ಮಾರುಕಟ್ಟೆ ಪ್ರಾಂಗಣದಲ್ಲಿರುವ ಮಳಿಗೆಗಳು (ಟೆಂಡರ್-ಕಂ-ಬಹಿರಂಗ) (ನಿಯಮ-14 ಪ್ರಕಾರ ಹಂಚಿಕೆ)						
1	ವಾಣಿಜ್ಯ ಮಳಿಗೆಗಳು (07 & 09)	02	2,595		5,190	2 | - | - | -
2	ಪ್ರತಿಕ್ ಮಳಿಗೆಗಳು	01	6,915		13,830	1 | - | - | -
ಷರತ್ತು ಮತ್ತು ನಿಬಂಧನೆಗಳು: 1) ಅರ್ಜಿಯನ್ನು ದಿನಾಂಕ:13-10-2025 ರ ಸಂಜೆ 4.30 ಗಂಟೆಯೊಳಗೆ ಸಮಿತಿ ಕಛೇರಿಗೆ ಸಲ್ಲಿಸುವುದು. 2) ಟೆಂಡರ್ ತೆರೆಯುವ ದಿನಾಂಕ: 15.10.2025 ರ ಸಂಜೆ 5.00 ಗಂಟೆಗೆ ಸಮಿತಿ ಕಛೇರಿಯಲ್ಲಿ ತೆರೆಯಲಾಗುವುದು. 3) ಹೆಚ್ಚಿನ ಮಾಹಿತಿಗಾಗಿ ಕಛೇರಿ ವೇಳೆಯಲ್ಲಿ ದೂರವಾಣಿ ಸಂಖ್ಯೆ: 08398-295006 ಕ್ಕೆ ಸಂಪರ್ಕಿಸಬಹುದು.
ಸಹಿ/-(ಬಸವರಾಜ ಆರ್.ಗುಬ್ಬಿ) ಕಾರ್ಯದರ್ಶಿ ಕೃ.ಉ.ಮಾ.ಸ.,ಹರಪನಹಳ್ಳಿ	ವಾ.ಇ.ಕಾ.ಸಂ./ವಿಜಯನಗರ/ಬ್ಯಾಂಕ್ 2025-26 ಕೆಎಂಎಂ/ಸ್ಪಿನ್ ಟೆಂಡರ್/2025-26/273
ಸಹಿ/-(ಬಿ.ವಿ.ಗಿರೀಶ್‌ಬಾಬು) ಆಡಳಿತಾಧಿಕಾರಿಗಳು ಕೃ.ಉ.ಮಾ.ಸ.,ಹರಪನಹಳ್ಳಿ
●●●●	●●●●	●●●●	●●●●
